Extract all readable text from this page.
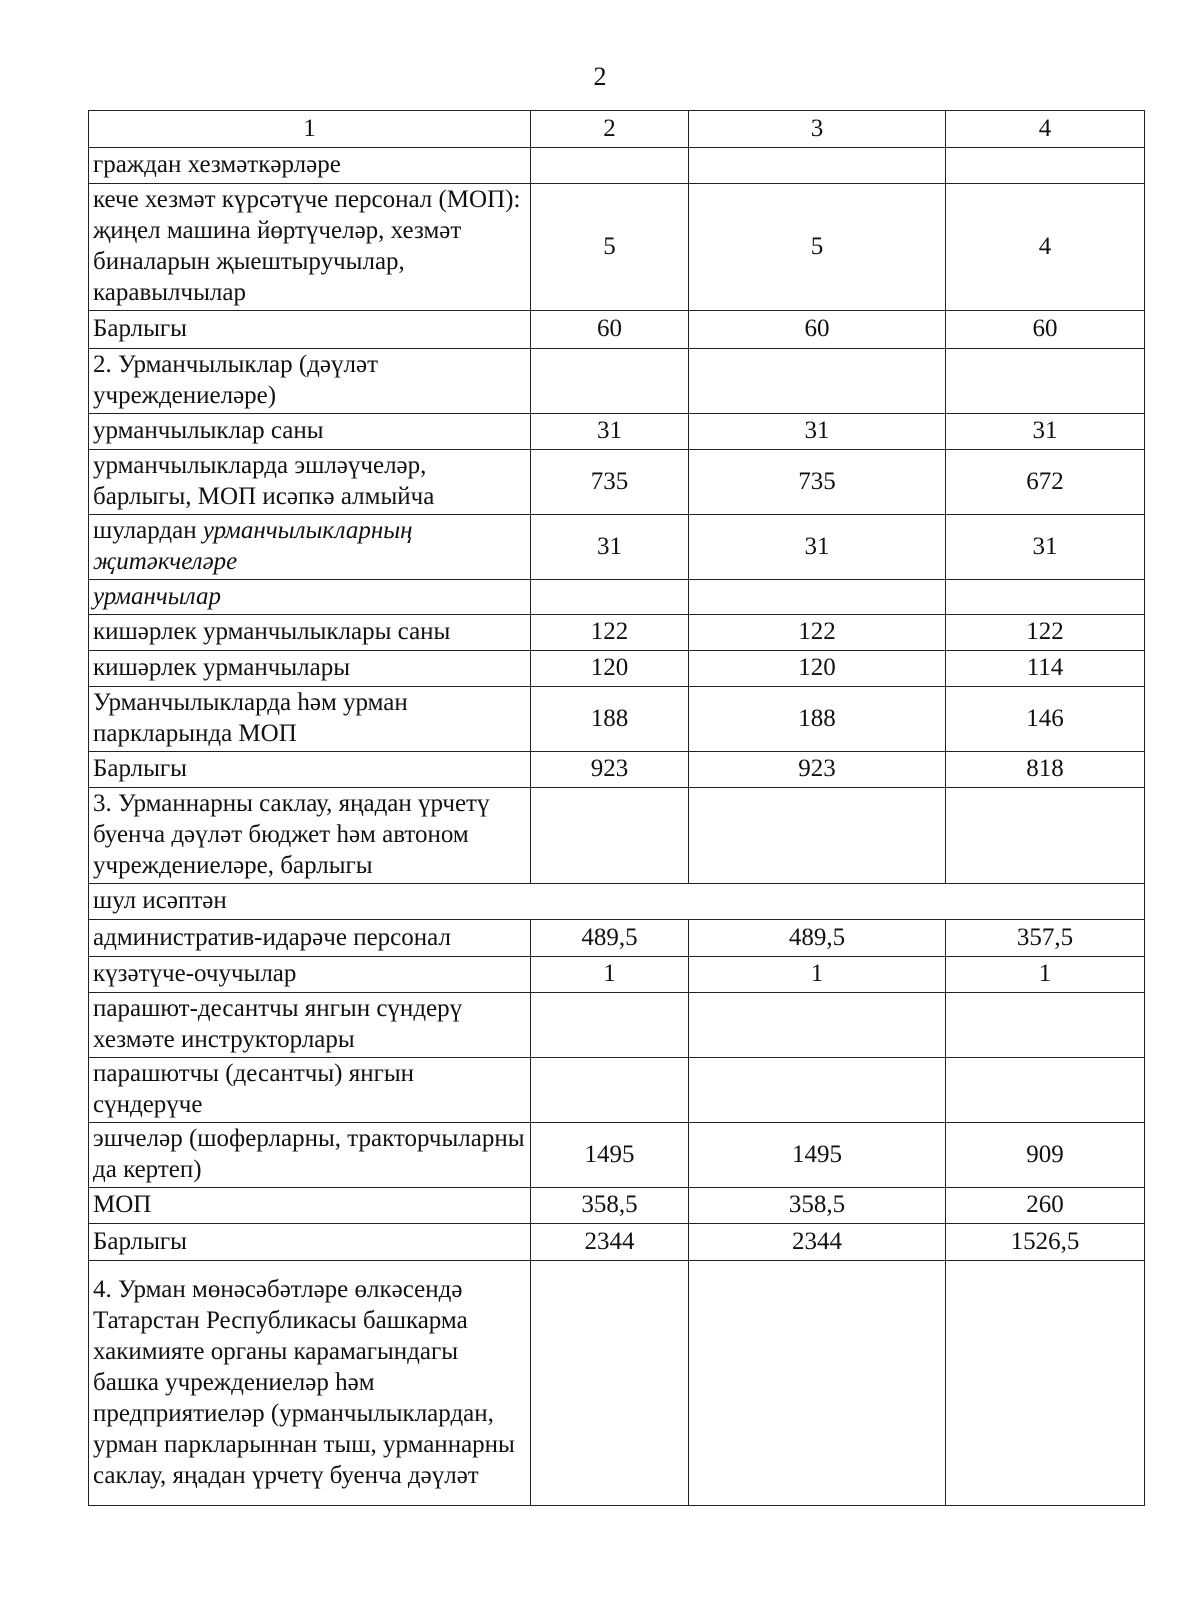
2
1	2	3	4
граждан хезмәткәрләре			
кече хезмәт күрсәтүче персонал (МОП): җиңел машина йөртүчеләр, хезмәт биналарын җыештыручылар, каравылчылар	5	5	4
Барлыгы	60	60	60
2. Урманчылыклар (дәүләт учреждениеләре)			
урманчылыклар саны	31	31	31
урманчылыкларда эшләүчеләр, барлыгы, МОП исәпкә алмыйча	735	735	672
шулардан урманчылыкларның җитәкчеләре	31	31	31
урманчылар			
кишәрлек урманчылыклары саны	122	122	122
кишәрлек урманчылары	120	120	114
Урманчылыкларда һәм урман паркларында МОП	188	188	146
Барлыгы	923	923	818
3. Урманнарны саклау, яңадан үрчетү буенча дәүләт бюджет һәм автоном учреждениеләре, барлыгы			
шул исәптән			
административ-идарәче персонал	489,5	489,5	357,5
күзәтүче-очучылар	1	1	1
парашют-десантчы янгын сүндерү хезмәте инструкторлары			
парашютчы (десантчы) янгын сүндерүче			
эшчеләр (шоферларны, тракторчыларны да кертеп)	1495	1495	909
МОП	358,5	358,5	260
Барлыгы	2344	2344	1526,5
4. Урман мөнәсәбәтләре өлкәсендә Татарстан Республикасы башкарма хакимияте органы карамагындагы башка учреждениеләр һәм предприятиеләр (урманчылыклардан, урман паркларыннан тыш, урманнарны саклау, яңадан үрчетү буенча дәүләт			
